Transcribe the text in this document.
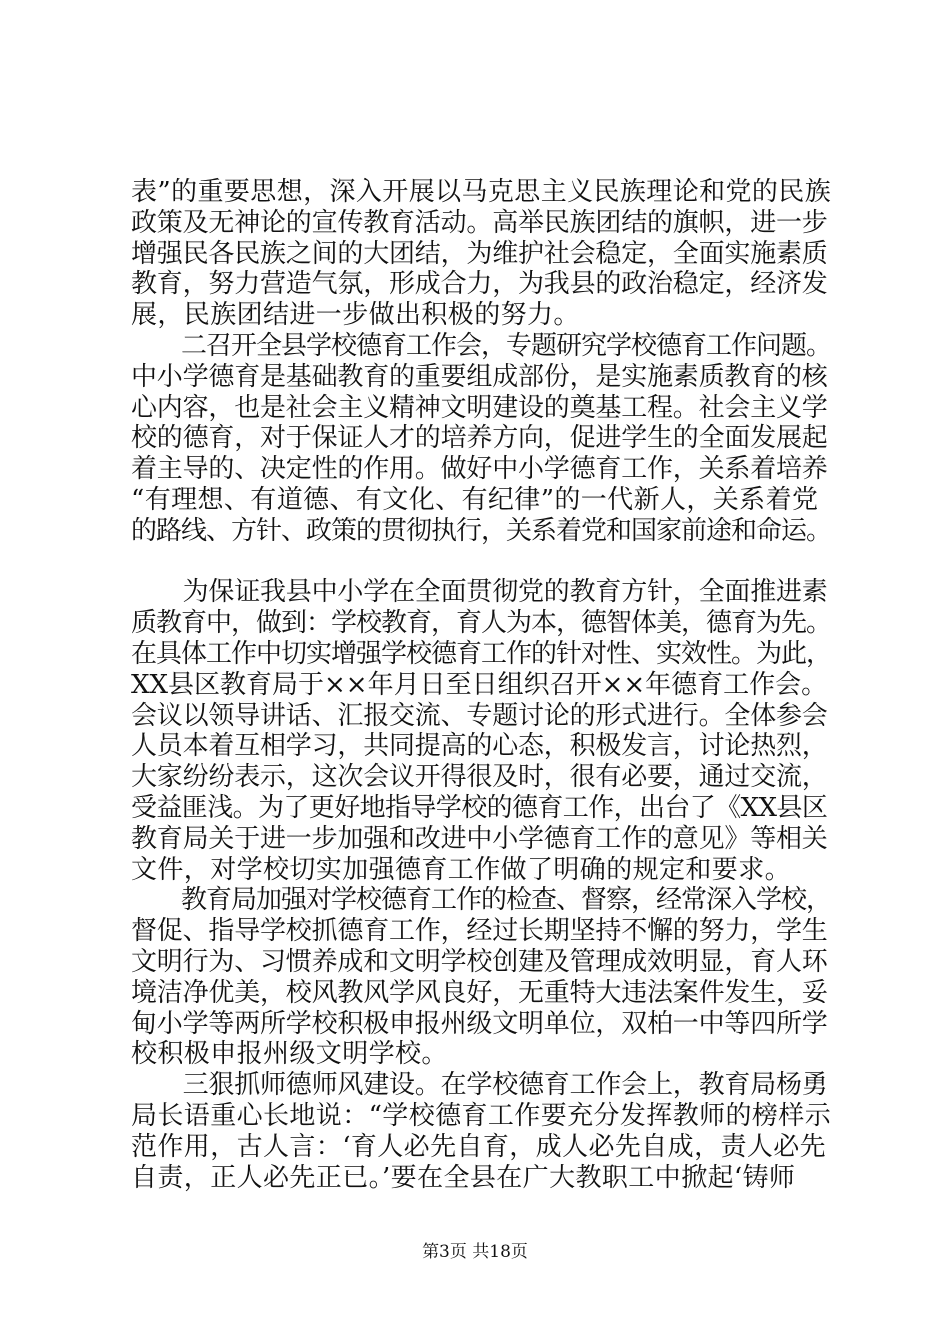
表”的重要思想，深入开展以马克思主义民族理论和党的民族
政策及无神论的宣传教育活动。高举民族团结的旗帜，进一步
增强民各民族之间的大团结，为维护社会稳定，全面实施素质
教育，努力营造气氛，形成合力，为我县的政治稳定，经济发
展，民族团结进一步做出积极的努力。
　　二召开全县学校德育工作会，专题研究学校德育工作问题。
中小学德育是基础教育的重要组成部份，是实施素质教育的核
心内容，也是社会主义精神文明建设的奠基工程。社会主义学
校的德育，对于保证人才的培养方向，促进学生的全面发展起
着主导的、决定性的作用。做好中小学德育工作，关系着培养
“有理想、有道德、有文化、有纪律”的一代新人，关系着党
的路线、方针、政策的贯彻执行，关系着党和国家前途和命运。
　　为保证我县中小学在全面贯彻党的教育方针，全面推进素
质教育中，做到：学校教育，育人为本，德智体美，德育为先。
在具体工作中切实增强学校德育工作的针对性、实效性。为此，
XX县区教育局于××年月日至日组织召开××年德育工作会。
会议以领导讲话、汇报交流、专题讨论的形式进行。全体参会
人员本着互相学习，共同提高的心态，积极发言，讨论热烈，
大家纷纷表示，这次会议开得很及时，很有必要，通过交流，
受益匪浅。为了更好地指导学校的德育工作，出台了《XX县区
教育局关于进一步加强和改进中小学德育工作的意见》等相关
文件，对学校切实加强德育工作做了明确的规定和要求。
　　教育局加强对学校德育工作的检查、督察，经常深入学校，
督促、指导学校抓德育工作，经过长期坚持不懈的努力，学生
文明行为、习惯养成和文明学校创建及管理成效明显，育人环
境洁净优美，校风教风学风良好，无重特大违法案件发生，妥
甸小学等两所学校积极申报州级文明单位，双柏一中等四所学
校积极申报州级文明学校。
　　三狠抓师德师风建设。在学校德育工作会上，教育局杨勇
局长语重心长地说：“学校德育工作要充分发挥教师的榜样示
范作用，古人言：‘育人必先自育，成人必先自成，责人必先
自责，正人必先正已。’要在全县在广大教职工中掀起‘铸师
第3页 共18页
